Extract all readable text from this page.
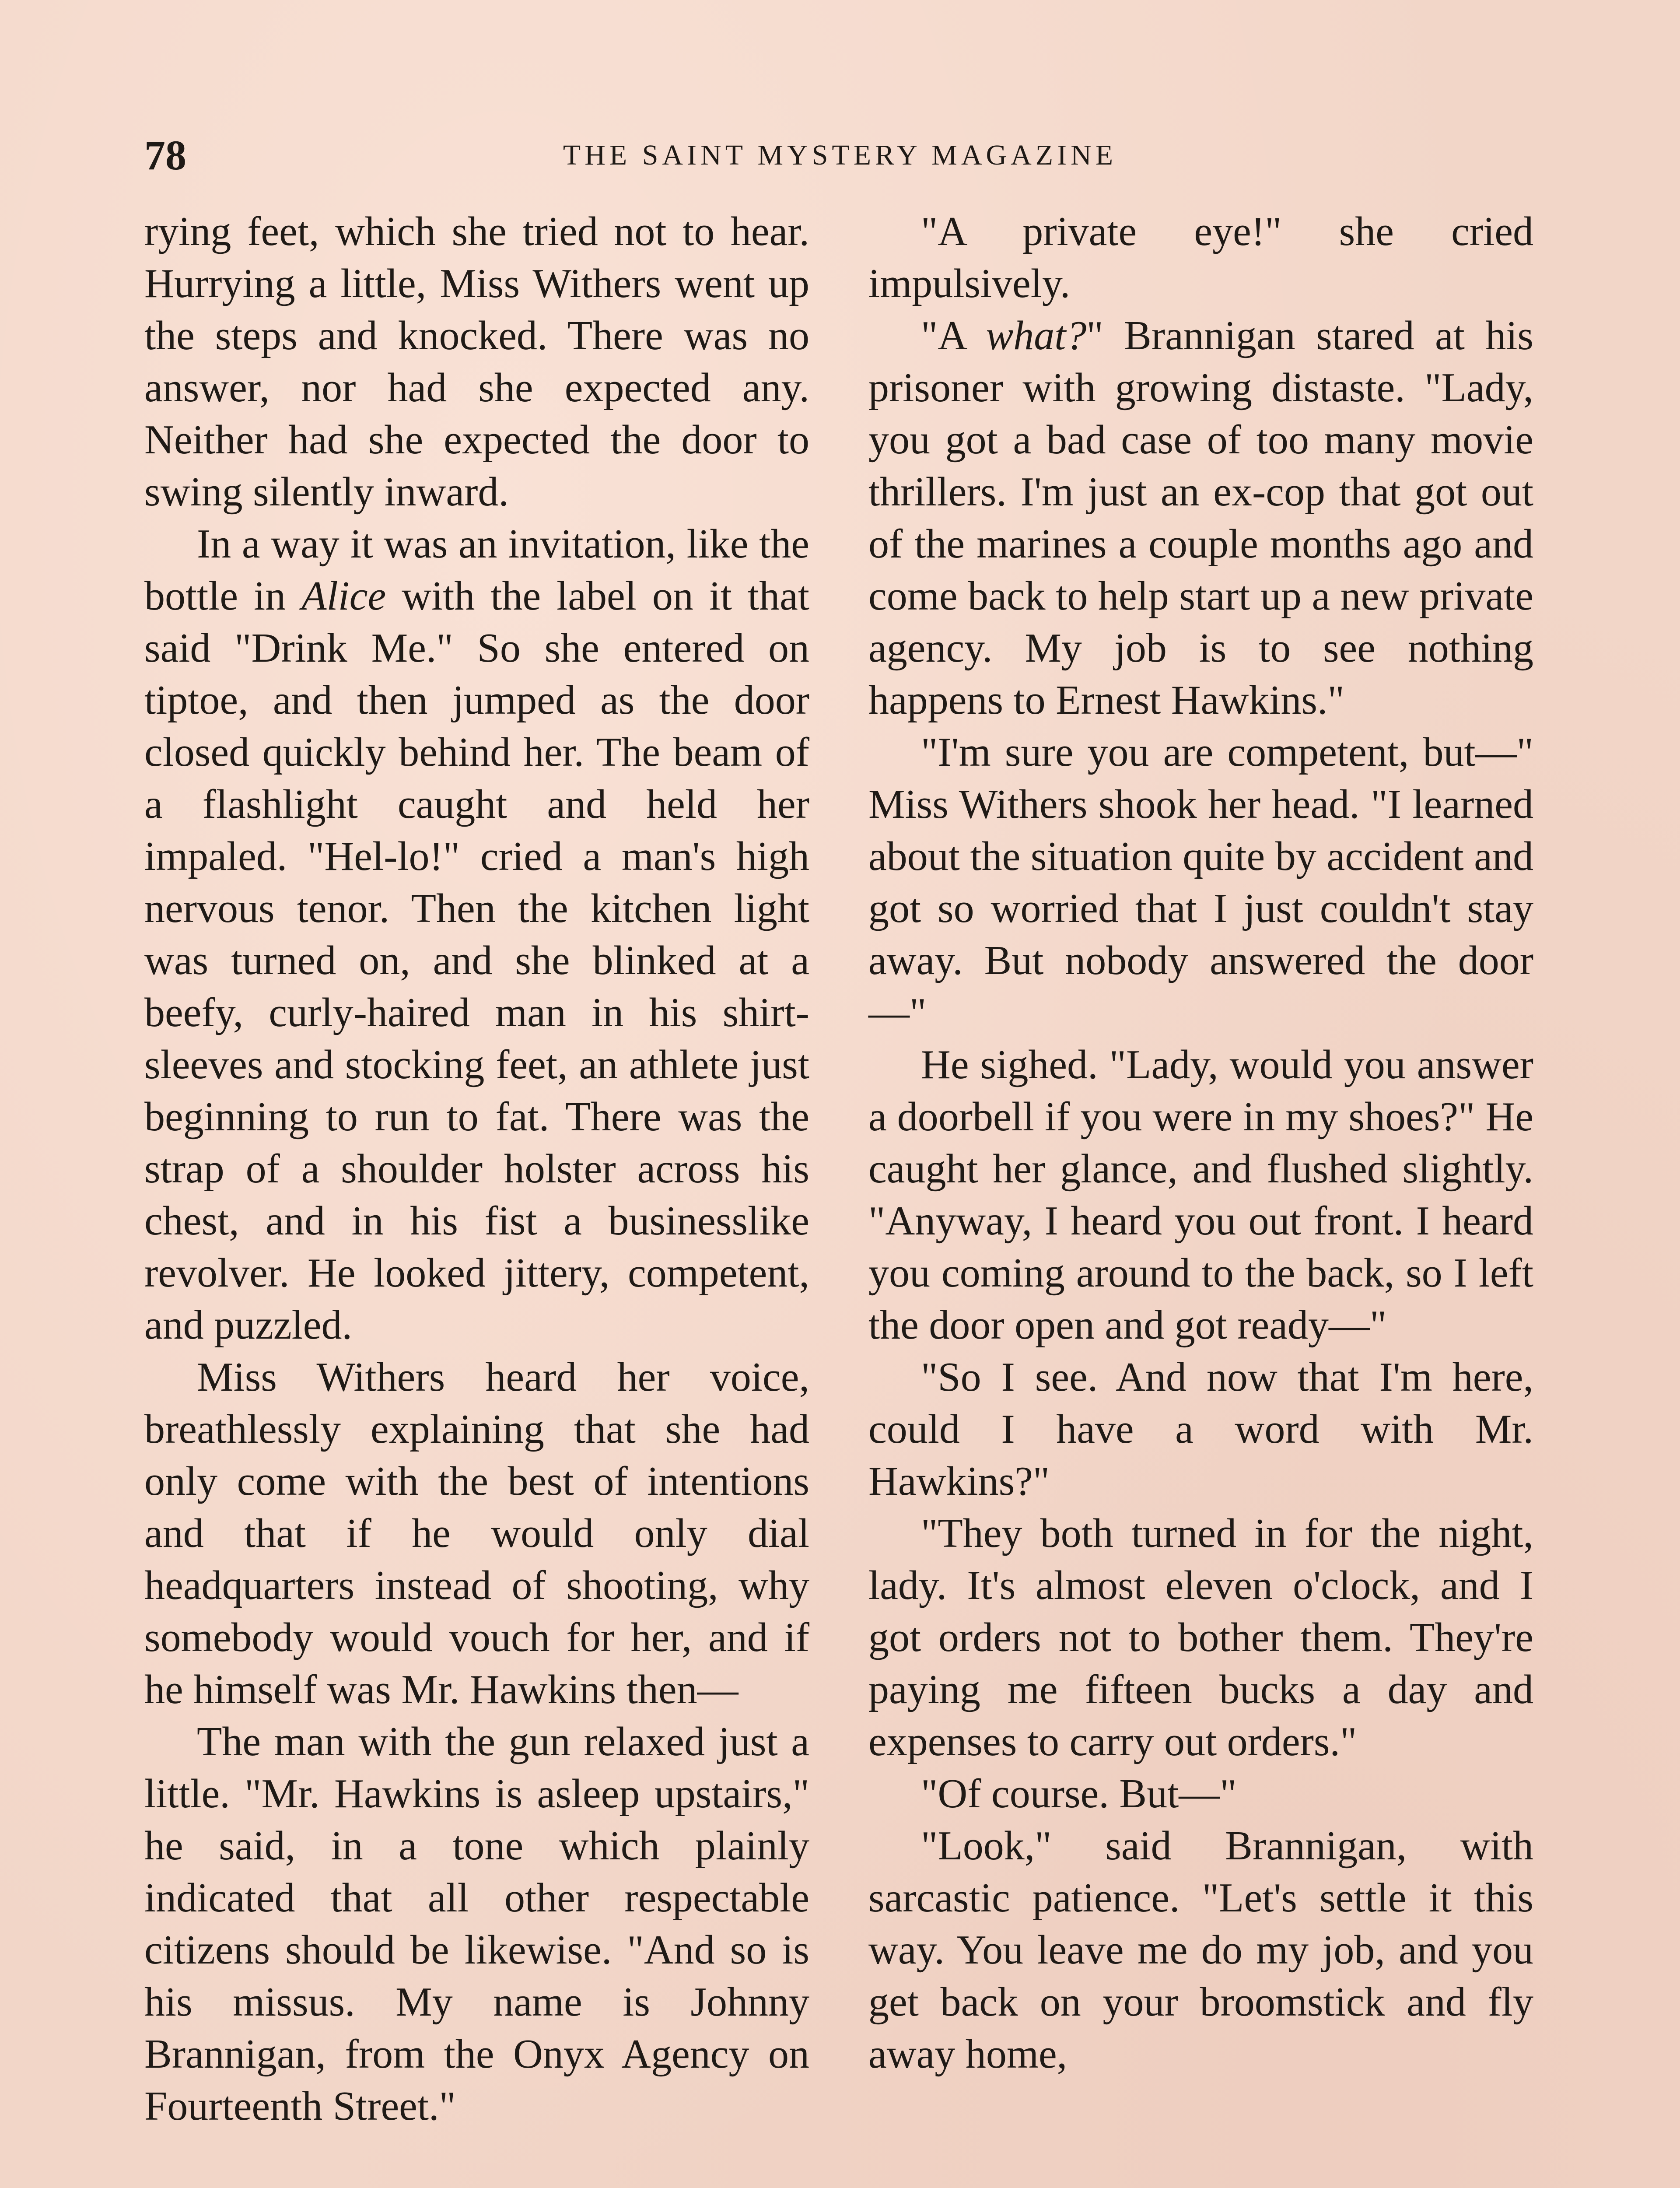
78	THE SAINT MYSTERY MAGAZINE

rying feet, which she tried not to hear. Hurrying a little, Miss Withers went up the steps and knocked. There was no answer, nor had she expected any. Neither had she expected the door to swing silently inward.

In a way it was an invitation, like the bottle in Alice with the label on it that said "Drink Me." So she entered on tiptoe, and then jumped as the door closed quickly behind her. The beam of a flashlight caught and held her impaled. "Hel-lo!" cried a man's high nervous tenor. Then the kitchen light was turned on, and she blinked at a beefy, curly-haired man in his shirt-sleeves and stocking feet, an athlete just beginning to run to fat. There was the strap of a shoulder holster across his chest, and in his fist a businesslike revolver. He looked jittery, competent, and puzzled.

Miss Withers heard her voice, breathlessly explaining that she had only come with the best of intentions and that if he would only dial headquarters instead of shooting, why somebody would vouch for her, and if he himself was Mr. Hawkins then—

The man with the gun relaxed just a little. "Mr. Hawkins is asleep upstairs," he said, in a tone which plainly indicated that all other respectable citizens should be likewise. "And so is his missus. My name is Johnny Brannigan, from the Onyx Agency on Fourteenth Street."

"A private eye!" she cried impulsively.

"A what?" Brannigan stared at his prisoner with growing distaste. "Lady, you got a bad case of too many movie thrillers. I'm just an ex-cop that got out of the marines a couple months ago and come back to help start up a new private agency. My job is to see nothing happens to Ernest Hawkins."

"I'm sure you are competent, but—" Miss Withers shook her head. "I learned about the situation quite by accident and got so worried that I just couldn't stay away. But nobody answered the door—"

He sighed. "Lady, would you answer a doorbell if you were in my shoes?" He caught her glance, and flushed slightly. "Anyway, I heard you out front. I heard you coming around to the back, so I left the door open and got ready—"

"So I see. And now that I'm here, could I have a word with Mr. Hawkins?"

"They both turned in for the night, lady. It's almost eleven o'clock, and I got orders not to bother them. They're paying me fifteen bucks a day and expenses to carry out orders."

"Of course. But—"

"Look," said Brannigan, with sarcastic patience. "Let's settle it this way. You leave me do my job, and you get back on your broomstick and fly away home,
